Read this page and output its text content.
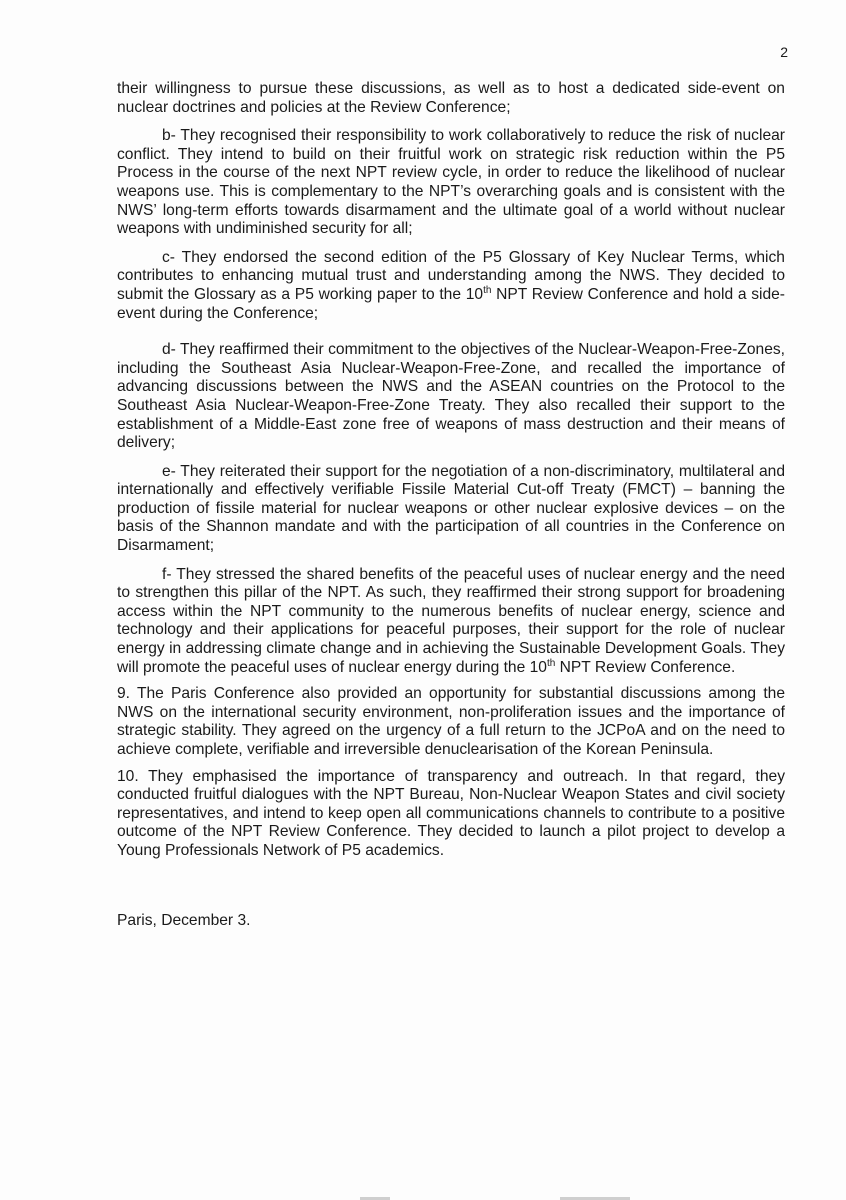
2

their willingness to pursue these discussions, as well as to host a dedicated side-event on nuclear doctrines and policies at the Review Conference;

b- They recognised their responsibility to work collaboratively to reduce the risk of nuclear conflict. They intend to build on their fruitful work on strategic risk reduction within the P5 Process in the course of the next NPT review cycle, in order to reduce the likelihood of nuclear weapons use. This is complementary to the NPT’s overarching goals and is consistent with the NWS’ long-term efforts towards disarmament and the ultimate goal of a world without nuclear weapons with undiminished security for all;

c- They endorsed the second edition of the P5 Glossary of Key Nuclear Terms, which contributes to enhancing mutual trust and understanding among the NWS. They decided to submit the Glossary as a P5 working paper to the 10th NPT Review Conference and hold a side-event during the Conference;

d- They reaffirmed their commitment to the objectives of the Nuclear-Weapon-Free-Zones, including the Southeast Asia Nuclear-Weapon-Free-Zone, and recalled the importance of advancing discussions between the NWS and the ASEAN countries on the Protocol to the Southeast Asia Nuclear-Weapon-Free-Zone Treaty. They also recalled their support to the establishment of a Middle-East zone free of weapons of mass destruction and their means of delivery;

e- They reiterated their support for the negotiation of a non-discriminatory, multilateral and internationally and effectively verifiable Fissile Material Cut-off Treaty (FMCT) – banning the production of fissile material for nuclear weapons or other nuclear explosive devices – on the basis of the Shannon mandate and with the participation of all countries in the Conference on Disarmament;

f- They stressed the shared benefits of the peaceful uses of nuclear energy and the need to strengthen this pillar of the NPT. As such, they reaffirmed their strong support for broadening access within the NPT community to the numerous benefits of nuclear energy, science and technology and their applications for peaceful purposes, their support for the role of nuclear energy in addressing climate change and in achieving the Sustainable Development Goals. They will promote the peaceful uses of nuclear energy during the 10th NPT Review Conference.

9. The Paris Conference also provided an opportunity for substantial discussions among the NWS on the international security environment, non-proliferation issues and the importance of strategic stability. They agreed on the urgency of a full return to the JCPoA and on the need to achieve complete, verifiable and irreversible denuclearisation of the Korean Peninsula.

10. They emphasised the importance of transparency and outreach. In that regard, they conducted fruitful dialogues with the NPT Bureau, Non-Nuclear Weapon States and civil society representatives, and intend to keep open all communications channels to contribute to a positive outcome of the NPT Review Conference. They decided to launch a pilot project to develop a Young Professionals Network of P5 academics.

Paris, December 3.
